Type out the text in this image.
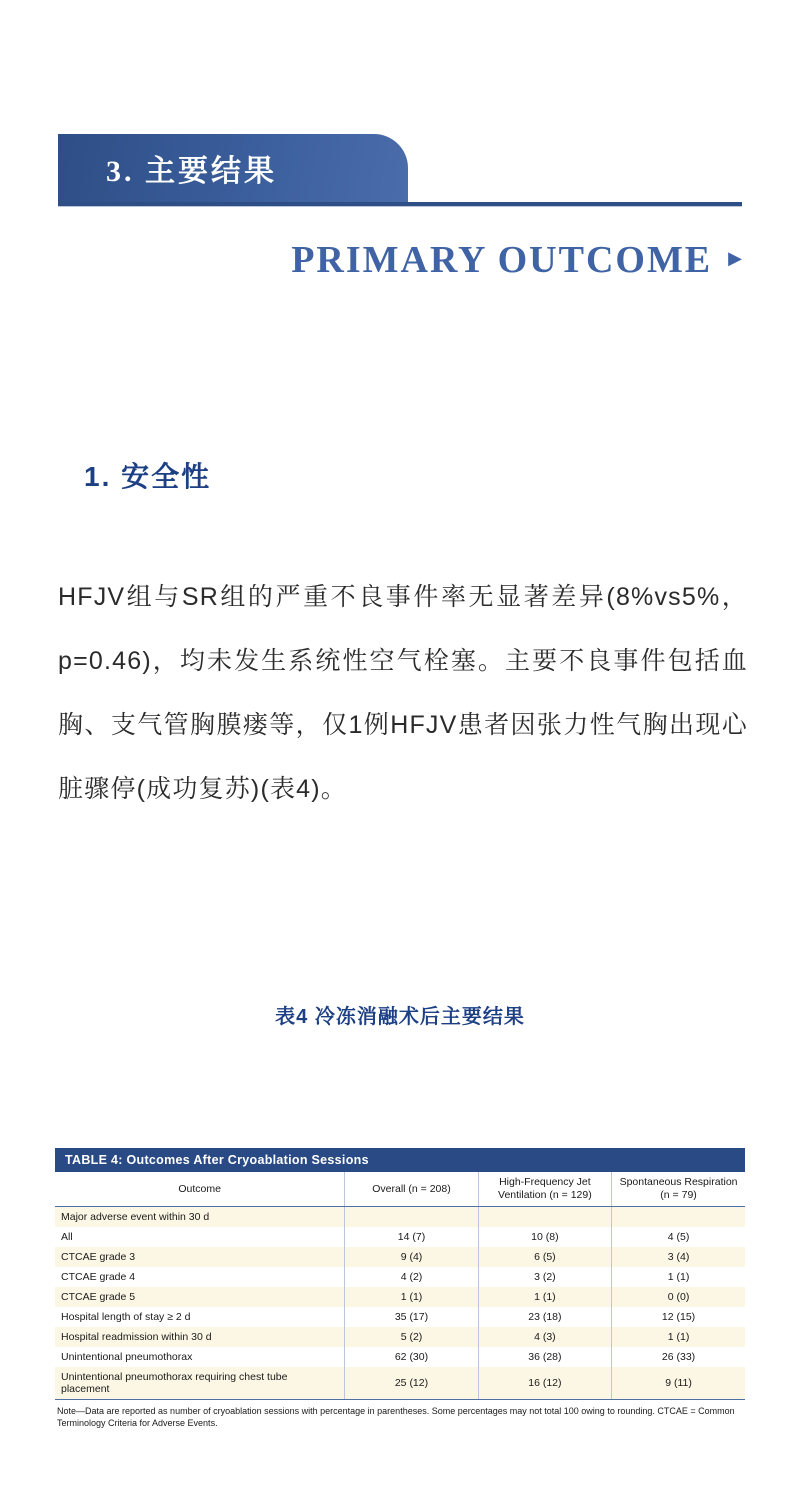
3. 主要结果
PRIMARY OUTCOME ▶
1. 安全性
HFJV组与SR组的严重不良事件率无显著差异(8%vs5%，p=0.46)，均未发生系统性空气栓塞。主要不良事件包括血胸、支气管胸膜瘘等，仅1例HFJV患者因张力性气胸出现心脏骤停(成功复苏)(表4)。
表4 冷冻消融术后主要结果
TABLE 4: Outcomes After Cryoablation Sessions
Outcome	Overall (n = 208)	High-Frequency Jet
Ventilation (n = 129)	Spontaneous Respiration
(n = 79)
Major adverse event within 30 d			
All	14 (7)	10 (8)	4 (5)
CTCAE grade 3	9 (4)	6 (5)	3 (4)
CTCAE grade 4	4 (2)	3 (2)	1 (1)
CTCAE grade 5	1 (1)	1 (1)	0 (0)
Hospital length of stay ≥ 2 d	35 (17)	23 (18)	12 (15)
Hospital readmission within 30 d	5 (2)	4 (3)	1 (1)
Unintentional pneumothorax	62 (30)	36 (28)	26 (33)
Unintentional pneumothorax requiring chest tube placement	25 (12)	16 (12)	9 (11)
Note—Data are reported as number of cryoablation sessions with percentage in parentheses. Some percentages may not total 100 owing to rounding. CTCAE = Common Terminology Criteria for Adverse Events.
